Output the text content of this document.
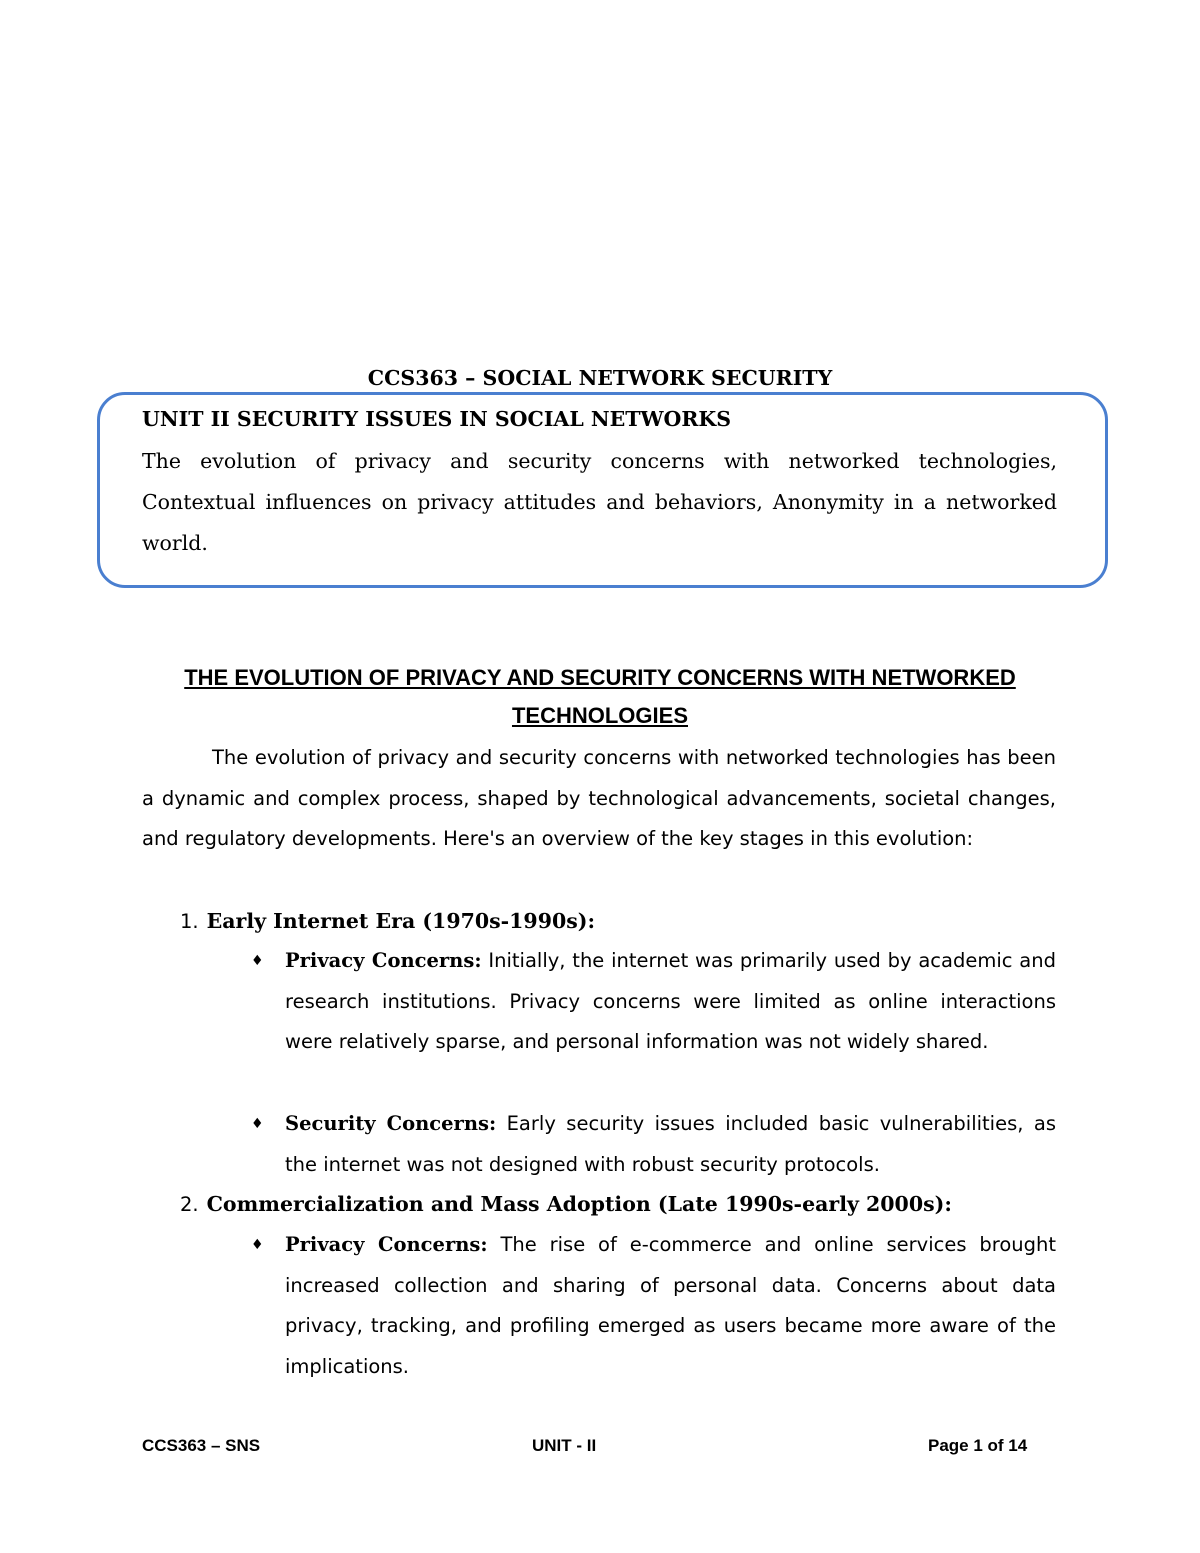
CCS363 – SOCIAL NETWORK SECURITY
UNIT II SECURITY ISSUES IN SOCIAL NETWORKS

The evolution of privacy and security concerns with networked technologies, Contextual influences on privacy attitudes and behaviors, Anonymity in a networked world.

THE EVOLUTION OF PRIVACY AND SECURITY CONCERNS WITH NETWORKED TECHNOLOGIES

The evolution of privacy and security concerns with networked technologies has been a dynamic and complex process, shaped by technological advancements, societal changes, and regulatory developments. Here's an overview of the key stages in this evolution:

1. Early Internet Era (1970s-1990s):

♦ Privacy Concerns: Initially, the internet was primarily used by academic and research institutions. Privacy concerns were limited as online interactions were relatively sparse, and personal information was not widely shared.

♦ Security Concerns: Early security issues included basic vulnerabilities, as the internet was not designed with robust security protocols.

2. Commercialization and Mass Adoption (Late 1990s-early 2000s):

♦ Privacy Concerns: The rise of e-commerce and online services brought increased collection and sharing of personal data. Concerns about data privacy, tracking, and profiling emerged as users became more aware of the implications.

CCS363 – SNS	UNIT - II	Page 1 of 14
